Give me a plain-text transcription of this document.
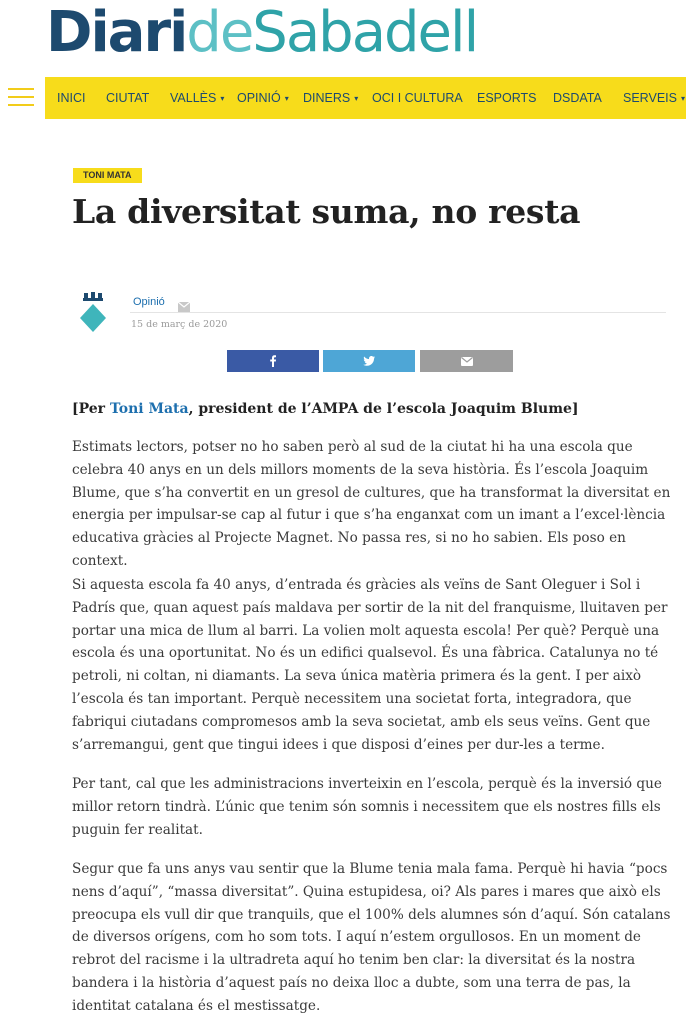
DiarideSabadell
INICI CIUTAT VALLÈS ▾ OPINIÓ ▾ DINERS ▾ OCI I CULTURA ESPORTS DSDATA SERVEIS ▾
TONI MATA
La diversitat suma, no resta
Opinió
15 de març de 2020

[Per Toni Mata, president de l’AMPA de l’escola Joaquim Blume]

Estimats lectors, potser no ho saben però al sud de la ciutat hi ha una escola que celebra 40 anys en un dels millors moments de la seva història. És l’escola Joaquim Blume, que s’ha convertit en un gresol de cultures, que ha transformat la diversitat en energia per impulsar-se cap al futur i que s’ha enganxat com un imant a l’excel·lència educativa gràcies al Projecte Magnet. No passa res, si no ho sabien. Els poso en context.

Si aquesta escola fa 40 anys, d’entrada és gràcies als veïns de Sant Oleguer i Sol i Padrís que, quan aquest país maldava per sortir de la nit del franquisme, lluitaven per portar una mica de llum al barri. La volien molt aquesta escola! Per què? Perquè una escola és una oportunitat. No és un edifici qualsevol. És una fàbrica. Catalunya no té petroli, ni coltan, ni diamants. La seva única matèria primera és la gent. I per això l’escola és tan important. Perquè necessitem una societat forta, integradora, que fabriqui ciutadans compromesos amb la seva societat, amb els seus veïns. Gent que s’arremangui, gent que tingui idees i que disposi d’eines per dur-les a terme.

Per tant, cal que les administracions inverteixin en l’escola, perquè és la inversió que millor retorn tindrà. L’únic que tenim són somnis i necessitem que els nostres fills els puguin fer realitat.

Segur que fa uns anys vau sentir que la Blume tenia mala fama. Perquè hi havia “pocs nens d’aquí”, “massa diversitat”. Quina estupidesa, oi? Als pares i mares que això els preocupa els vull dir que tranquils, que el 100% dels alumnes són d’aquí. Són catalans de diversos orígens, com ho som tots. I aquí n’estem orgullosos. En un moment de rebrot del racisme i la ultradreta aquí ho tenim ben clar: la diversitat és la nostra bandera i la història d’aquest país no deixa lloc a dubte, som una terra de pas, la identitat catalana és el mestissatge.
